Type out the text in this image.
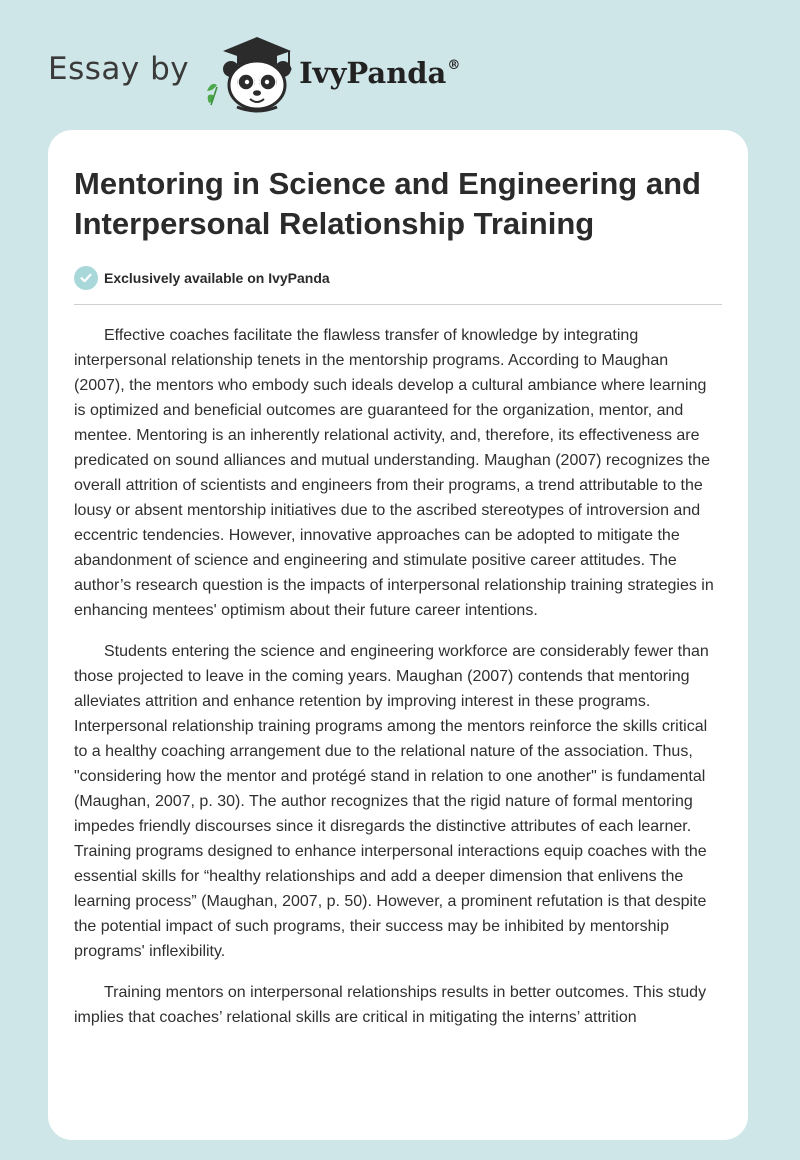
Essay by	IvyPanda®
Mentoring in Science and Engineering and Interpersonal Relationship Training
Exclusively available on IvyPanda

Effective coaches facilitate the flawless transfer of knowledge by integrating interpersonal relationship tenets in the mentorship programs. According to Maughan (2007), the mentors who embody such ideals develop a cultural ambiance where learning is optimized and beneficial outcomes are guaranteed for the organization, mentor, and mentee. Mentoring is an inherently relational activity, and, therefore, its effectiveness are predicated on sound alliances and mutual understanding. Maughan (2007) recognizes the overall attrition of scientists and engineers from their programs, a trend attributable to the lousy or absent mentorship initiatives due to the ascribed stereotypes of introversion and eccentric tendencies. However, innovative approaches can be adopted to mitigate the abandonment of science and engineering and stimulate positive career attitudes. The author’s research question is the impacts of interpersonal relationship training strategies in enhancing mentees' optimism about their future career intentions.

Students entering the science and engineering workforce are considerably fewer than those projected to leave in the coming years. Maughan (2007) contends that mentoring alleviates attrition and enhance retention by improving interest in these programs. Interpersonal relationship training programs among the mentors reinforce the skills critical to a healthy coaching arrangement due to the relational nature of the association. Thus, "considering how the mentor and protégé stand in relation to one another" is fundamental (Maughan, 2007, p. 30). The author recognizes that the rigid nature of formal mentoring impedes friendly discourses since it disregards the distinctive attributes of each learner. Training programs designed to enhance interpersonal interactions equip coaches with the essential skills for “healthy relationships and add a deeper dimension that enlivens the learning process” (Maughan, 2007, p. 50). However, a prominent refutation is that despite the potential impact of such programs, their success may be inhibited by mentorship programs' inflexibility.

Training mentors on interpersonal relationships results in better outcomes. This study implies that coaches’ relational skills are critical in mitigating the interns’ attrition
